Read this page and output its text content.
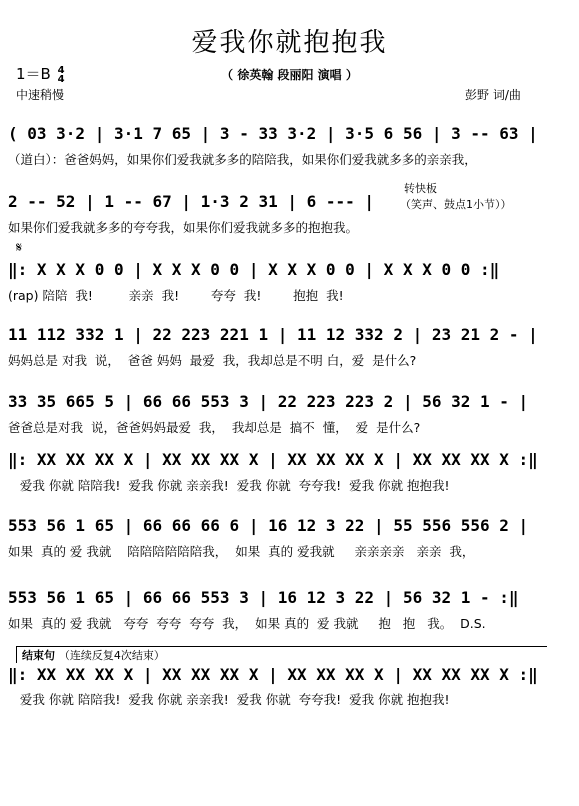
爱我你就抱抱我
1＝B 4
4
中速稍慢
（ 徐英翰 段丽阳 演唱 ）
彭野 词/曲
( 03 3·2 | 3·1 7 65 | 3 - 33 3·2 | 3·5 6 56 | 3 -- 63 |
（道白）：爸爸妈妈，如果你们爱我就多多的陪陪我，如果你们爱我就多多的亲亲我，
2 -- 52 | 1 -- 67 | 1·3 2 31 | 6 --- |
如果你们爱我就多多的夸夸我，如果你们爱我就多多的抱抱我。
转快板
（笑声、鼓点1小节））
𝄋
‖: X X X 0 0 | X X X 0 0 | X X X 0 0 | X X X 0 0 :‖
(rap) 陪陪  我!         亲亲  我!        夸夸  我!        抱抱  我!
11 112 332 1 | 22 223 221 1 | 11 12 332 2 | 23 21 2 - |
妈妈总是 对我  说，  爸爸 妈妈  最爱  我，我却总是不明 白，爱  是什么?
33 35 665 5 | 66 66 553 3 | 22 223 223 2 | 56 32 1 - |
爸爸总是对我  说，爸爸妈妈最爱  我，  我却总是  搞不  懂，  爱  是什么?
‖: XX XX XX X | XX XX XX X | XX XX XX X | XX XX XX X :‖
爱我 你就 陪陪我!  爱我 你就 亲亲我!  爱我 你就  夸夸我!  爱我 你就 抱抱我!
553 56 1 65 | 66 66 66 6 | 16 12 3 22 | 55 556 556 2 |
如果  真的 爱 我就    陪陪陪陪陪陪我，  如果  真的 爱我就     亲亲亲亲   亲亲  我，
553 56 1 65 | 66 66 553 3 | 16 12 3 22 | 56 32 1 - :‖
如果  真的 爱 我就   夸夸  夸夸  夸夸  我，  如果 真的  爱 我就     抱   抱   我。  D.S.
结束句 （连续反复4次结束）
‖: XX XX XX X | XX XX XX X | XX XX XX X | XX XX XX X :‖
爱我 你就 陪陪我!  爱我 你就 亲亲我!  爱我 你就  夸夸我!  爱我 你就 抱抱我!
